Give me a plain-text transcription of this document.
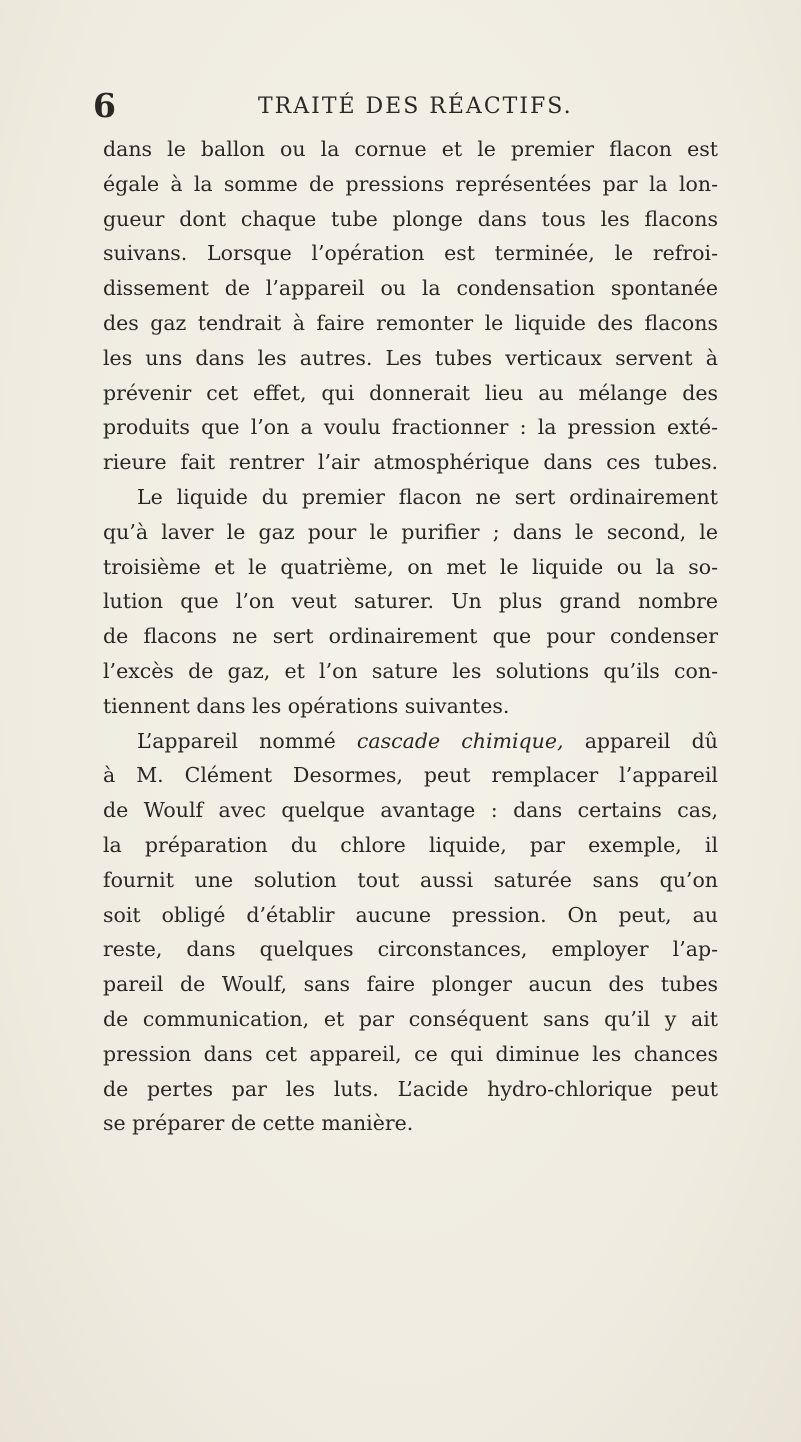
6	TRAITÉ DES RÉACTIFS.
dans le ballon ou la cornue et le premier flacon est
égale à la somme de pressions représentées par la lon-
gueur dont chaque tube plonge dans tous les flacons
suivans. Lorsque l’opération est terminée, le refroi-
dissement de l’appareil ou la condensation spontanée
des gaz tendrait à faire remonter le liquide des flacons
les uns dans les autres. Les tubes verticaux servent à
prévenir cet effet, qui donnerait lieu au mélange des
produits que l’on a voulu fractionner : la pression exté-
rieure fait rentrer l’air atmosphérique dans ces tubes.
Le liquide du premier flacon ne sert ordinairement
qu’à laver le gaz pour le purifier ; dans le second, le
troisième et le quatrième, on met le liquide ou la so-
lution que l’on veut saturer. Un plus grand nombre
de flacons ne sert ordinairement que pour condenser
l’excès de gaz, et l’on sature les solutions qu’ils con-
tiennent dans les opérations suivantes.
L’appareil nommé cascade chimique, appareil dû
à M. Clément Desormes, peut remplacer l’appareil
de Woulf avec quelque avantage : dans certains cas,
la préparation du chlore liquide, par exemple, il
fournit une solution tout aussi saturée sans qu’on
soit obligé d’établir aucune pression. On peut, au
reste, dans quelques circonstances, employer l’ap-
pareil de Woulf, sans faire plonger aucun des tubes
de communication, et par conséquent sans qu’il y ait
pression dans cet appareil, ce qui diminue les chances
de pertes par les luts. L’acide hydro-chlorique peut
se préparer de cette manière.
